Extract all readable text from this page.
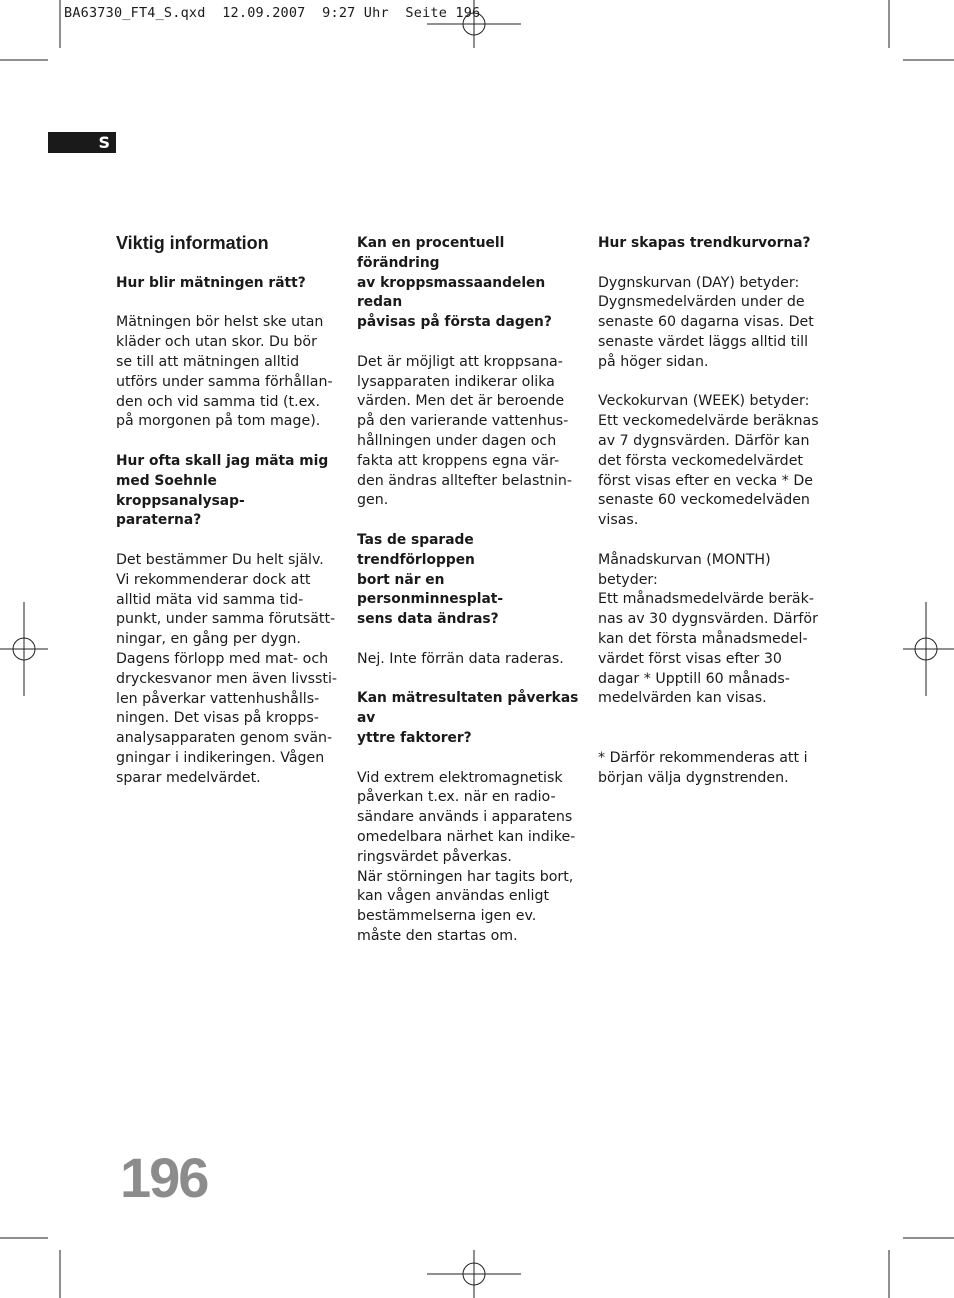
BA63730_FT4_S.qxd  12.09.2007  9:27 Uhr  Seite 196
S

Viktig information

Hur blir mätningen rätt?

Mätningen bör helst ske utan
kläder och utan skor. Du bör
se till att mätningen alltid
utförs under samma förhållan-
den och vid samma tid (t.ex.
på morgonen på tom mage).

Hur ofta skall jag mäta mig
med Soehnle kroppsanalysap-
paraterna?

Det bestämmer Du helt själv.
Vi rekommenderar dock att
alltid mäta vid samma tid-
punkt, under samma förutsätt-
ningar, en gång per dygn.
Dagens förlopp med mat- och
dryckesvanor men även livssti-
len påverkar vattenhushålls-
ningen. Det visas på kropps-
analysapparaten genom svän-
gningar i indikeringen. Vågen
sparar medelvärdet.

Kan en procentuell förändring
av kroppsmassaandelen redan
påvisas på första dagen?

Det är möjligt att kroppsana-
lysapparaten indikerar olika
värden. Men det är beroende
på den varierande vattenhus-
hållningen under dagen och
fakta att kroppens egna vär-
den ändras alltefter belastnin-
gen.

Tas de sparade trendförloppen
bort när en personminnesplat-
sens data ändras?

Nej. Inte förrän data raderas.

Kan mätresultaten påverkas av
yttre faktorer?

Vid extrem elektromagnetisk
påverkan t.ex. när en radio-
sändare används i apparatens
omedelbara närhet kan indike-
ringsvärdet påverkas.
När störningen har tagits bort,
kan vågen användas enligt
bestämmelserna igen ev.
måste den startas om.

Hur skapas trendkurvorna?

Dygnskurvan (DAY) betyder:
Dygnsmedelvärden under de
senaste 60 dagarna visas. Det
senaste värdet läggs alltid till
på höger sidan.

Veckokurvan (WEEK) betyder:
Ett veckomedelvärde beräknas
av 7 dygnsvärden. Därför kan
det första veckomedelvärdet
först visas efter en vecka * De
senaste 60 veckomedelväden
visas.

Månadskurvan (MONTH)
betyder:
Ett månadsmedelvärde beräk-
nas av 30 dygnsvärden. Därför
kan det första månadsmedel-
värdet först visas efter 30
dagar * Upptill 60 månads-
medelvärden kan visas.

* Därför rekommenderas att i
början välja dygnstrenden.

196
